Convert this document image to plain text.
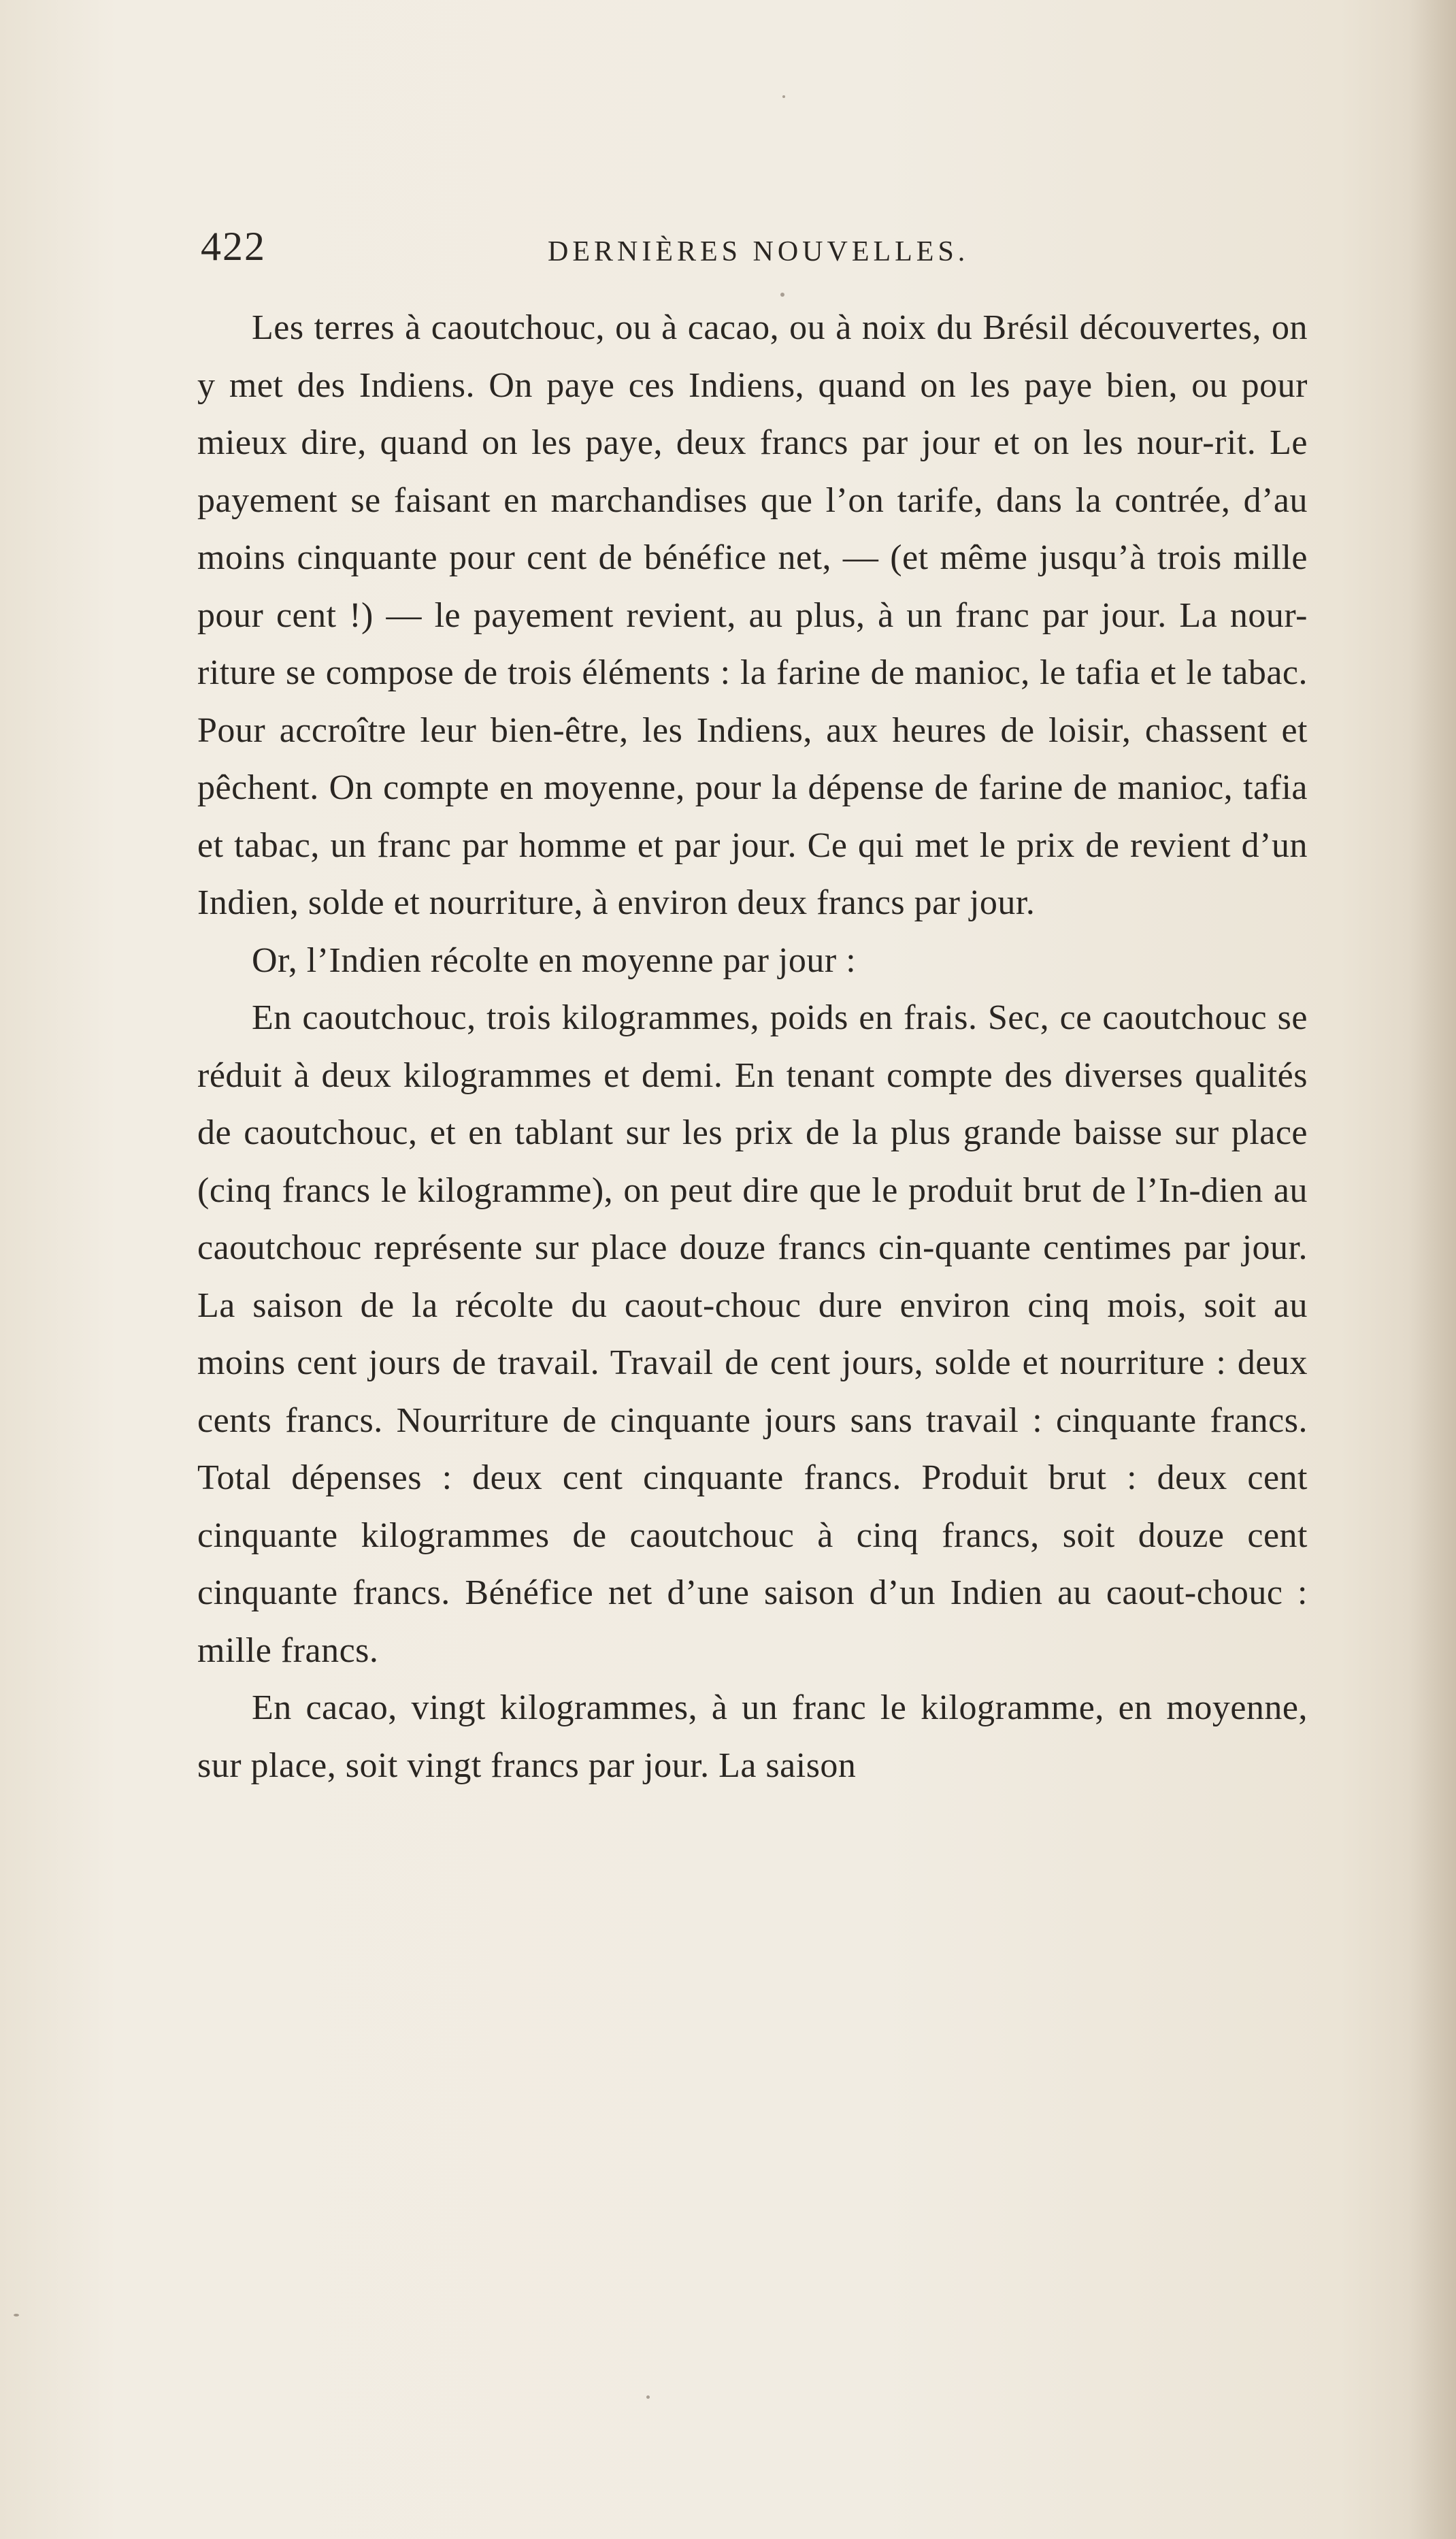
422	DERNIÈRES NOUVELLES.

Les terres à caoutchouc, ou à cacao, ou à noix du Brésil découvertes, on y met des Indiens. On paye ces Indiens, quand on les paye bien, ou pour mieux dire, quand on les paye, deux francs par jour et on les nour-rit. Le payement se faisant en marchandises que l’on tarife, dans la contrée, d’au moins cinquante pour cent de bénéfice net, — (et même jusqu’à trois mille pour cent !) — le payement revient, au plus, à un franc par jour. La nour-riture se compose de trois éléments : la farine de manioc, le tafia et le tabac. Pour accroître leur bien-être, les Indiens, aux heures de loisir, chassent et pêchent. On compte en moyenne, pour la dépense de farine de manioc, tafia et tabac, un franc par homme et par jour. Ce qui met le prix de revient d’un Indien, solde et nourriture, à environ deux francs par jour.

Or, l’Indien récolte en moyenne par jour :

En caoutchouc, trois kilogrammes, poids en frais. Sec, ce caoutchouc se réduit à deux kilogrammes et demi. En tenant compte des diverses qualités de caoutchouc, et en tablant sur les prix de la plus grande baisse sur place (cinq francs le kilogramme), on peut dire que le produit brut de l’In-dien au caoutchouc représente sur place douze francs cin-quante centimes par jour. La saison de la récolte du caout-chouc dure environ cinq mois, soit au moins cent jours de travail. Travail de cent jours, solde et nourriture : deux cents francs. Nourriture de cinquante jours sans travail : cinquante francs. Total dépenses : deux cent cinquante francs. Produit brut : deux cent cinquante kilogrammes de caoutchouc à cinq francs, soit douze cent cinquante francs. Bénéfice net d’une saison d’un Indien au caout-chouc : mille francs.

En cacao, vingt kilogrammes, à un franc le kilogramme, en moyenne, sur place, soit vingt francs par jour. La saison
